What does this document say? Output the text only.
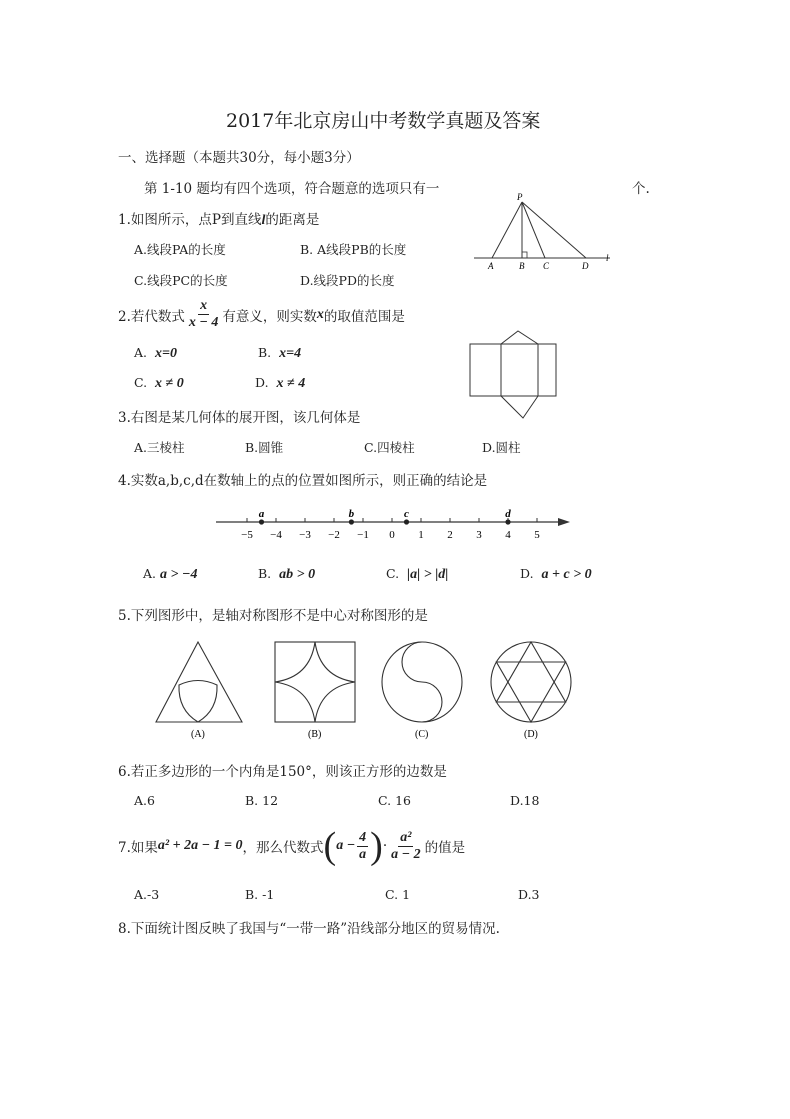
2017年北京房山中考数学真题及答案
一、选择题（本题共30分，每小题3分）
第 1-10 题均有四个选项，符合题意的选项只有一	个.
1.如图所示，点P到直线l的距离是
A.线段PA的长度	B. A线段PB的长度
C.线段PC的长度	D.线段PD的长度
P
A	B C	D
l
2.若代数式 $\frac{x}{x - 4}$ 有意义，则实数 x 的取值范围是
A. x=0	B. x=4
C. x ≠ 0	D. x ≠ 4
3.右图是某几何体的展开图，该几何体是
A.三棱柱	B.圆锥	C.四棱柱	D.圆柱
4.实数a,b,c,d在数轴上的点的位置如图所示，则正确的结论是
−5 −4 −3 −2 −1 0 1 2 3 4 5
a	b	c	d
A. a > −4	B. ab > 0	C. |a| > |d|	D. a + c > 0
5.下列图形中，是轴对称图形不是中心对称图形的是
(A)	(B)	(C)	(D)
6.若正多边形的一个内角是150°，则该正方形的边数是
A.6	B. 12	C. 16	D.18
7.如果 a² + 2a − 1 = 0 ，那么代数式 ( $a - \frac{4}{a}$ ) · $\frac{\text{a²}}{a - 2}$ 的值是
A.-3	B. -1	C. 1	D.3
8.下面统计图反映了我国与“一带一路”沿线部分地区的贸易情况.
